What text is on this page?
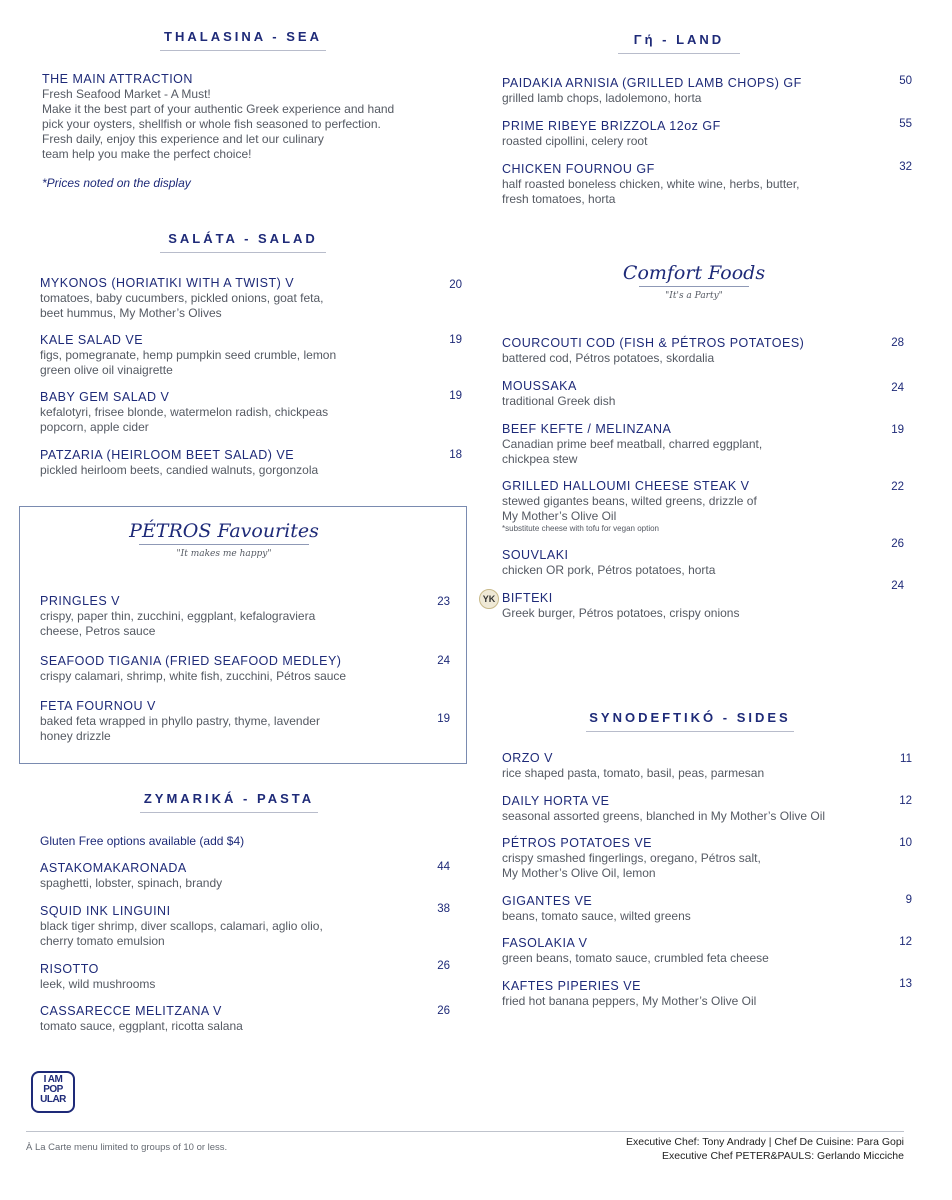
THALASINA - SEA
THE MAIN ATTRACTION
Fresh Seafood Market - A Must!
Make it the best part of your authentic Greek experience and hand
pick your oysters, shellfish or whole fish seasoned to perfection.
Fresh daily, enjoy this experience and let our culinary
team help you make the perfect choice!
*Prices noted on the display
SALÁTA - SALAD
MYKONOS (HORIATIKI WITH A TWIST) V
tomatoes, baby cucumbers, pickled onions, goat feta,
beet hummus, My Mother’s Olives
20
KALE SALAD VE
figs, pomegranate, hemp pumpkin seed crumble, lemon
green olive oil vinaigrette
19
BABY GEM SALAD V
kefalotyri, frisee blonde, watermelon radish, chickpeas
popcorn, apple cider
19
PATZARIA (HEIRLOOM BEET SALAD) VE
pickled heirloom beets, candied walnuts, gorgonzola
18
PÉTROS Favourites
"It makes me happy"
PRINGLES V
crispy, paper thin, zucchini, eggplant, kefalograviera
cheese, Petros sauce
23
SEAFOOD TIGANIA (FRIED SEAFOOD MEDLEY)
crispy calamari, shrimp, white fish, zucchini, Pétros sauce
24
FETA FOURNOU V
baked feta wrapped in phyllo pastry, thyme, lavender
honey drizzle
19
ZYMARIKÁ - PASTA
Gluten Free options available (add $4)
ASTAKOMAKARONADA
spaghetti, lobster, spinach, brandy
44
SQUID INK LINGUINI
black tiger shrimp, diver scallops, calamari, aglio olio,
cherry tomato emulsion
38
RISOTTO
leek, wild mushrooms
26
CASSARECCE MELITZANA V
tomato sauce, eggplant, ricotta salana
26
Γή - LAND
PAIDAKIA ARNISIA (GRILLED LAMB CHOPS) GF
grilled lamb chops, ladolemono, horta
50
PRIME RIBEYE BRIZZOLA 12oz GF
roasted cipollini, celery root
55
CHICKEN FOURNOU GF
half roasted boneless chicken, white wine, herbs, butter,
fresh tomatoes, horta
32
Comfort Foods
"It's a Party"
COURCOUTI COD (FISH & PÉTROS POTATOES)
battered cod, Pétros potatoes, skordalia
28
MOUSSAKA
traditional Greek dish
24
BEEF KEFTE / MELINZANA
Canadian prime beef meatball, charred eggplant,
chickpea stew
19
GRILLED HALLOUMI CHEESE STEAK V
stewed gigantes beans, wilted greens, drizzle of
My Mother’s Olive Oil
*substitute cheese with tofu for vegan option
22
26
SOUVLAKI
chicken OR pork, Pétros potatoes, horta
24
YK BIFTEKI
Greek burger, Pétros potatoes, crispy onions
SYNODEFTIKÓ - SIDES
ORZO V
rice shaped pasta, tomato, basil, peas, parmesan
11
DAILY HORTA VE
seasonal assorted greens, blanched in My Mother’s Olive Oil
12
PÉTROS POTATOES VE
crispy smashed fingerlings, oregano, Pétros salt,
My Mother’s Olive Oil, lemon
10
GIGANTES VE
beans, tomato sauce, wilted greens
9
FASOLAKIA V
green beans, tomato sauce, crumbled feta cheese
12
KAFTES PIPERIES VE
fried hot banana peppers, My Mother’s Olive Oil
13
I AM
POP
ULAR
À La Carte menu limited to groups of 10 or less.	Executive Chef: Tony Andrady | Chef De Cuisine: Para Gopi
Executive Chef PETER&PAULS: Gerlando Micciche
